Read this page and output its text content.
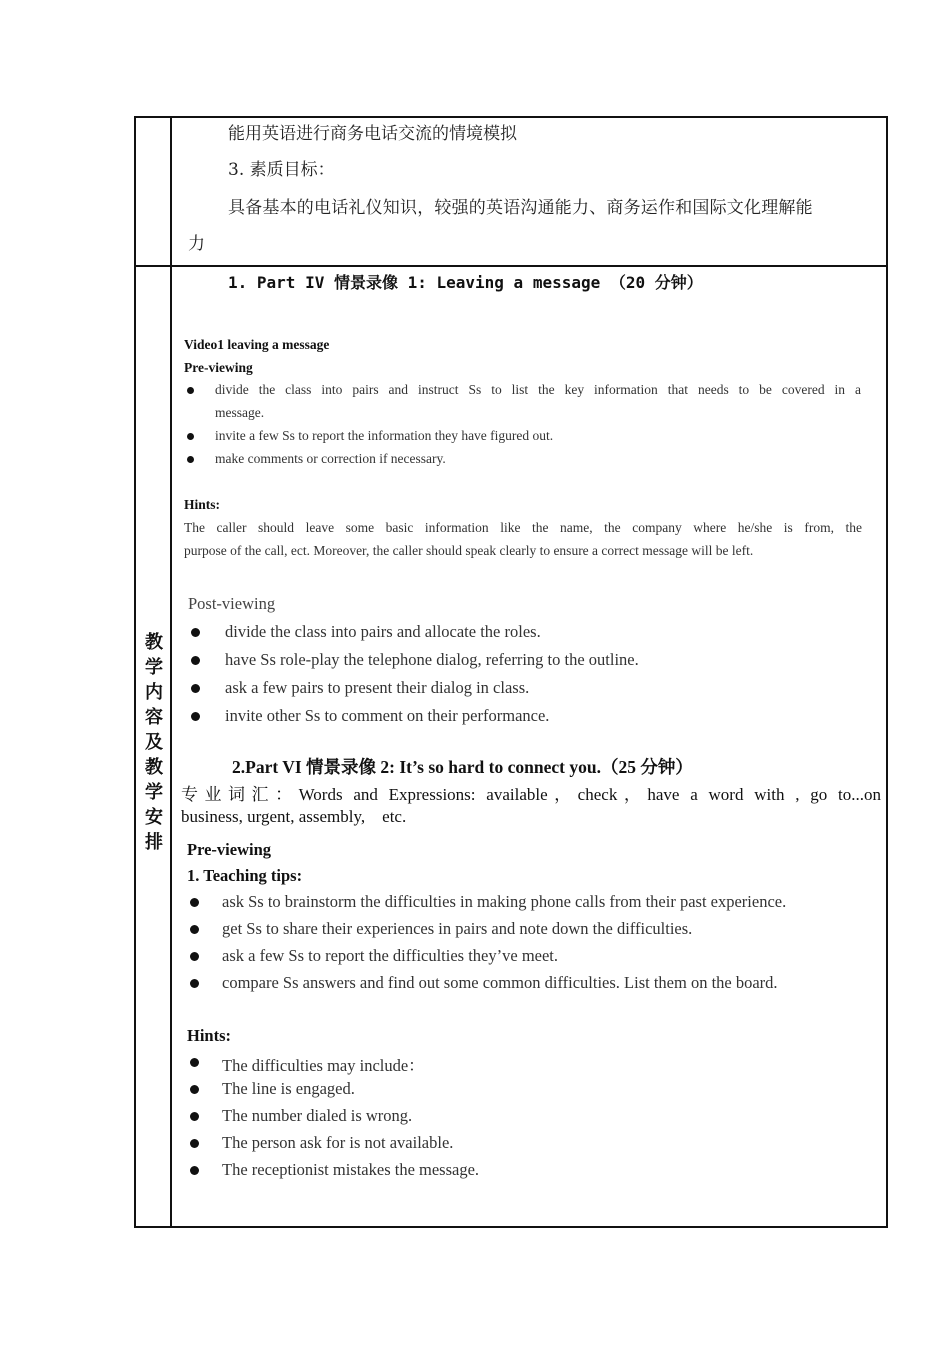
能用英语进行商务电话交流的情境模拟
3. 素质目标：
具备基本的电话礼仪知识，较强的英语沟通能力、商务运作和国际文化理解能
力
教
学
内
容
及
教
学
安
排
1. Part IV 情景录像 1: Leaving a message （20 分钟）
Video1 leaving a message
Pre-viewing
divide the class into pairs and instruct Ss to list the key information that needs to be covered in a
message.
invite a few Ss to report the information they have figured out.
make comments or correction if necessary.
Hints:
The caller should leave some basic information like the name, the company where he/she is from, the
purpose of the call, ect. Moreover, the caller should speak clearly to ensure a correct message will be left.
Post-viewing
divide the class into pairs and allocate the roles.
have Ss role-play the telephone dialog, referring to the outline.
ask a few pairs to present their dialog in class.
invite other Ss to comment on their performance.
2.Part VI 情景录像 2: It’s so hard to connect you.（25 分钟）
专业词汇：Words and Expressions: available，check，have a word with , go to...on
business, urgent, assembly,    etc.
Pre-viewing
1. Teaching tips:
ask Ss to brainstorm the difficulties in making phone calls from their past experience.
get Ss to share their experiences in pairs and note down the difficulties.
ask a few Ss to report the difficulties they’ve meet.
compare Ss answers and find out some common difficulties. List them on the board.
Hints:
The difficulties may include：
The line is engaged.
The number dialed is wrong.
The person ask for is not available.
The receptionist mistakes the message.
